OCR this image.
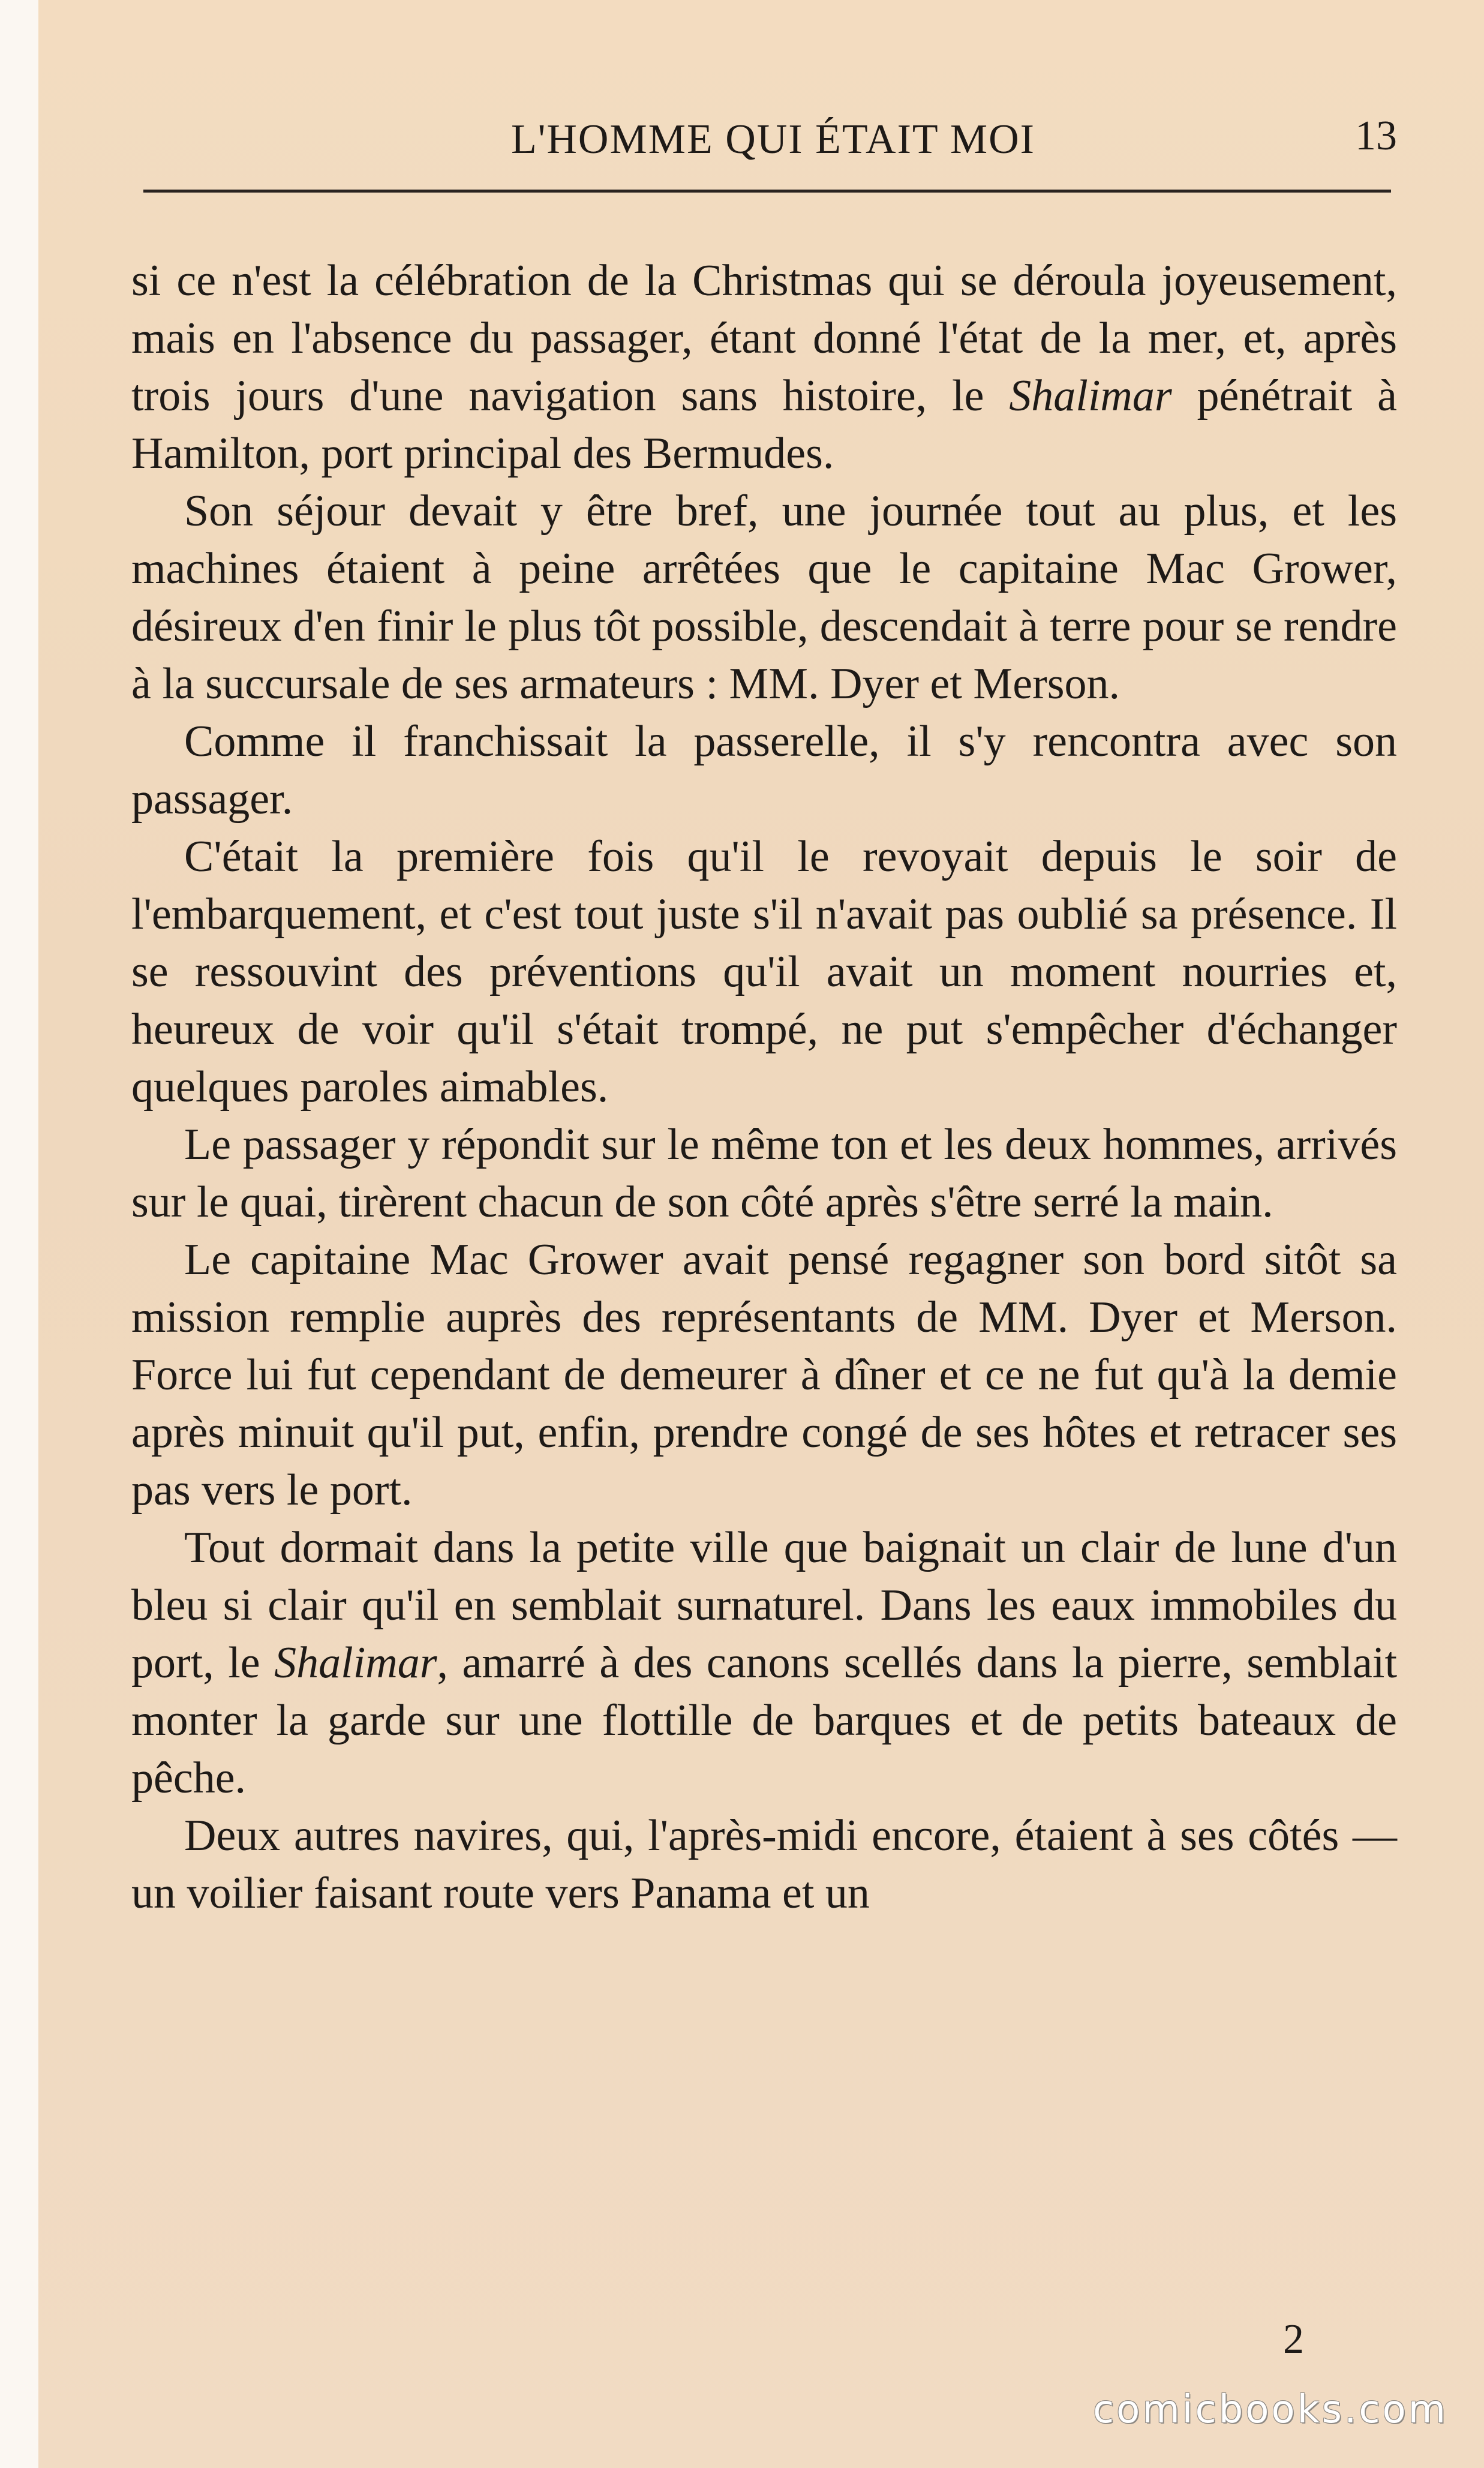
L'HOMME QUI ÉTAIT MOI	13

si ce n'est la célébration de la Christmas qui se déroula joyeusement, mais en l'absence du passager, étant donné l'état de la mer, et, après trois jours d'une navigation sans histoire, le Shalimar pénétrait à Hamilton, port principal des Bermudes.

Son séjour devait y être bref, une journée tout au plus, et les machines étaient à peine arrêtées que le capitaine Mac Grower, désireux d'en finir le plus tôt possible, descendait à terre pour se rendre à la succursale de ses armateurs : MM. Dyer et Merson.

Comme il franchissait la passerelle, il s'y rencontra avec son passager.

C'était la première fois qu'il le revoyait depuis le soir de l'embarquement, et c'est tout juste s'il n'avait pas oublié sa présence. Il se ressouvint des préventions qu'il avait un moment nourries et, heureux de voir qu'il s'était trompé, ne put s'empêcher d'échanger quelques paroles aimables.

Le passager y répondit sur le même ton et les deux hommes, arrivés sur le quai, tirèrent chacun de son côté après s'être serré la main.

Le capitaine Mac Grower avait pensé regagner son bord sitôt sa mission remplie auprès des représentants de MM. Dyer et Merson. Force lui fut cependant de demeurer à dîner et ce ne fut qu'à la demie après minuit qu'il put, enfin, prendre congé de ses hôtes et retracer ses pas vers le port.

Tout dormait dans la petite ville que baignait un clair de lune d'un bleu si clair qu'il en semblait surnaturel. Dans les eaux immobiles du port, le Shalimar, amarré à des canons scellés dans la pierre, semblait monter la garde sur une flottille de barques et de petits bateaux de pêche.

Deux autres navires, qui, l'après-midi encore, étaient à ses côtés — un voilier faisant route vers Panama et un

2
comicbooks.com
